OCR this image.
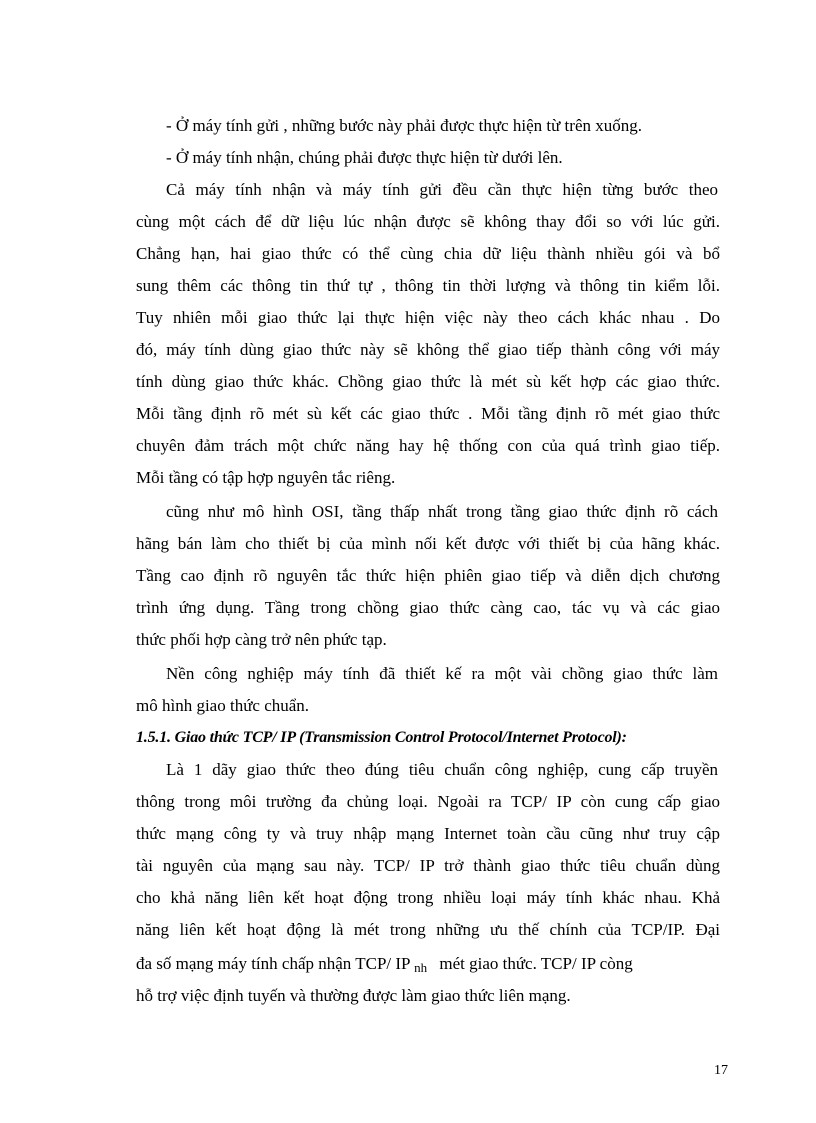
- Ở máy tính gửi , những bước này phải được thực hiện từ trên xuống.
- Ở máy tính nhận, chúng phải được thực hiện từ dưới lên.
Cả máy tính nhận và máy tính gửi đều cần thực hiện từng bước theo
cùng một cách để dữ liệu lúc nhận được sẽ không thay đổi so với lúc gửi.
Chẳng hạn, hai giao thức có thể cùng chia dữ liệu thành nhiều gói và bổ
sung thêm các thông tin thứ tự , thông tin thời lượng và thông tin kiểm lỗi.
Tuy nhiên mỗi giao thức lại thực hiện việc này theo cách khác nhau . Do
đó, máy tính dùng giao thức này sẽ không thể giao tiếp thành công với máy
tính dùng giao thức khác. Chồng giao thức là mét sù kết hợp các giao thức.
Mỗi tầng định rõ mét sù kết các giao thức . Mỗi tầng định rõ mét giao thức
chuyên đảm trách một chức năng hay hệ thống con của quá trình giao tiếp.
Mỗi tầng có tập hợp nguyên tắc riêng.
cũng như mô hình OSI, tầng thấp nhất trong tầng giao thức định rõ cách
hãng bán làm cho thiết bị của mình nối kết được với thiết bị của hãng khác.
Tầng cao định rõ nguyên tắc thức hiện phiên giao tiếp và diễn dịch chương
trình ứng dụng. Tầng trong chồng giao thức càng cao, tác vụ và các giao
thức phối hợp càng trở nên phức tạp.
Nền công nghiệp máy tính đã thiết kế ra một vài chồng giao thức làm
mô hình giao thức chuẩn.
1.5.1. Giao thức TCP/ IP (Transmission Control Protocol/Internet Protocol):
Là 1 dãy giao thức theo đúng tiêu chuẩn công nghiệp, cung cấp truyền
thông trong môi trường đa chủng loại. Ngoài ra TCP/ IP còn cung cấp giao
thức mạng công ty và truy nhập mạng Internet toàn cầu cũng như truy cập
tài nguyên của mạng sau này. TCP/ IP trở thành giao thức tiêu chuẩn dùng
cho khả năng liên kết hoạt động trong nhiều loại máy tính khác nhau. Khả
năng liên kết hoạt động là mét trong những ưu thế chính của TCP/IP. Đại
đa số mạng máy tính chấp nhận TCP/ IP $_{nh}$ mét giao thức. TCP/ IP còng
hỗ trợ việc định tuyến và thường được làm giao thức liên mạng.
17
